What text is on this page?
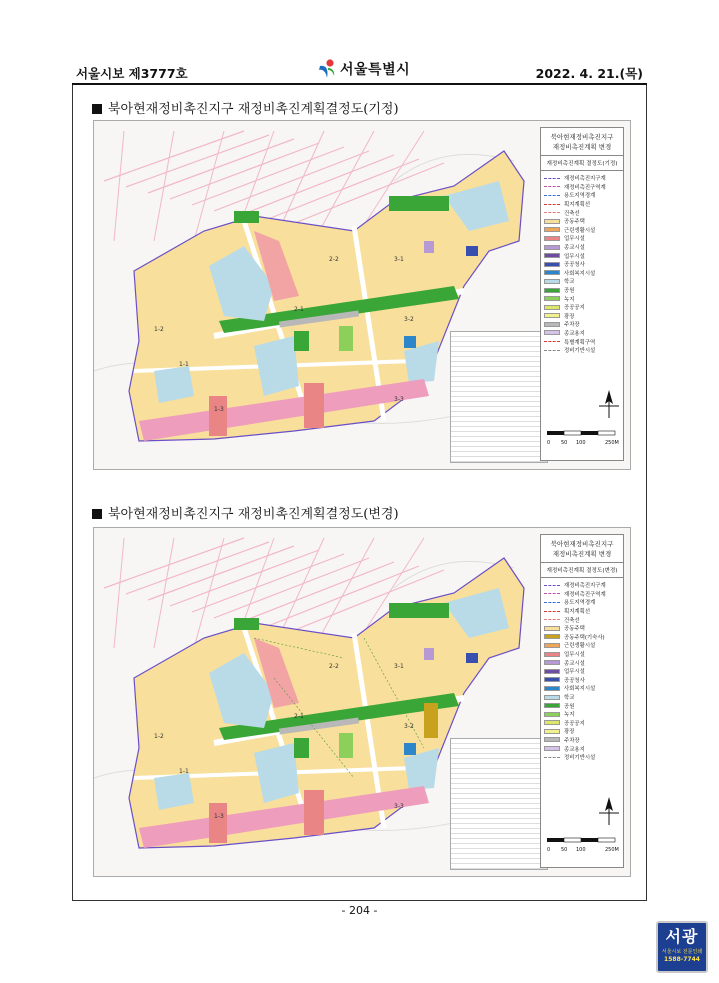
서울시보 제3777호	서울특별시	2022. 4. 21.(목)
북아현재정비촉진지구 재정비촉진계획결정도(기정)
1-1
1-2
1-3
2-1
2-2	3-1
3-2
3-3
북아현재정비촉진지구
재정비촉진계획 변경
재정비촉진계획 결정도(기정)
재정비촉진지구계
재정비촉진구역계
용도지역경계
획지계획선
건축선
공동주택
근린생활시설
업무시설
종교시설
업무시설
공공청사
사회복지시설
학교
공원
녹지
공공공지
광장
주차장
종교용지
특별계획구역
정비기반시설
0 50 100	250M
북아현재정비촉진지구 재정비촉진계획결정도(변경)
1-1
1-2
1-3
2-1
2-2	3-1
3-2
3-3
북아현재정비촉진지구
재정비촉진계획 변경
재정비촉진계획 결정도(변경)
재정비촉진지구계
재정비촉진구역계
용도지역경계
획지계획선
건축선
공동주택
공동주택(기숙사)
근린생활시설
업무시설
종교시설
업무시설
공공청사
사회복지시설
학교
공원
녹지
공공공지
광장
주차장
종교용지
정비기반시설
0 50 100	250M
- 204 -
서광
서울시보 전문인쇄
1588-7744
